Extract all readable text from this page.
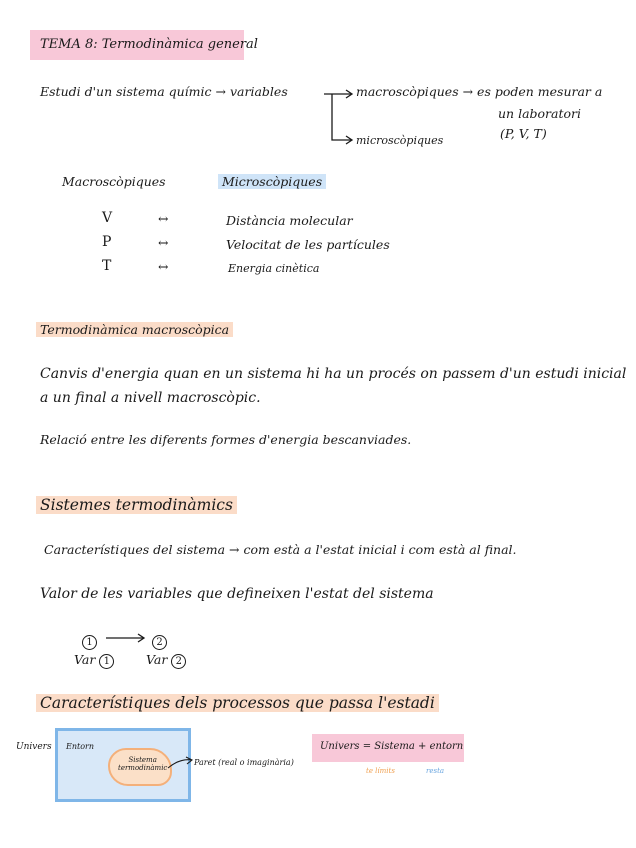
TEMA 8: Termodinàmica general
Estudi d'un sistema químic → variables	macroscòpiques → es poden mesurar a
un laboratori
(P, V, T)
microscòpiques
Macroscòpiques	Microscòpiques
V	↔	Distància molecular
P	↔	Velocitat de les partícules
T	↔	Energia cinètica
Termodinàmica macroscòpica
Canvis d'energia quan en un sistema hi ha un procés on passem d'un estudi inicial
a un final a nivell macroscòpic.
Relació entre les diferents formes d'energia bescanviades.
Sistemes termodinàmics
Característiques del sistema → com està a l'estat inicial i com està al final.
Valor de les variables que defineixen l'estat del sistema
1	2
Var 1	Var 2
Característiques dels processos que passa l'estadi
Univers Entorn
Sistema
termodinàmic
Paret (real o imaginària)
Univers = Sistema + entorn
te límits	resta
